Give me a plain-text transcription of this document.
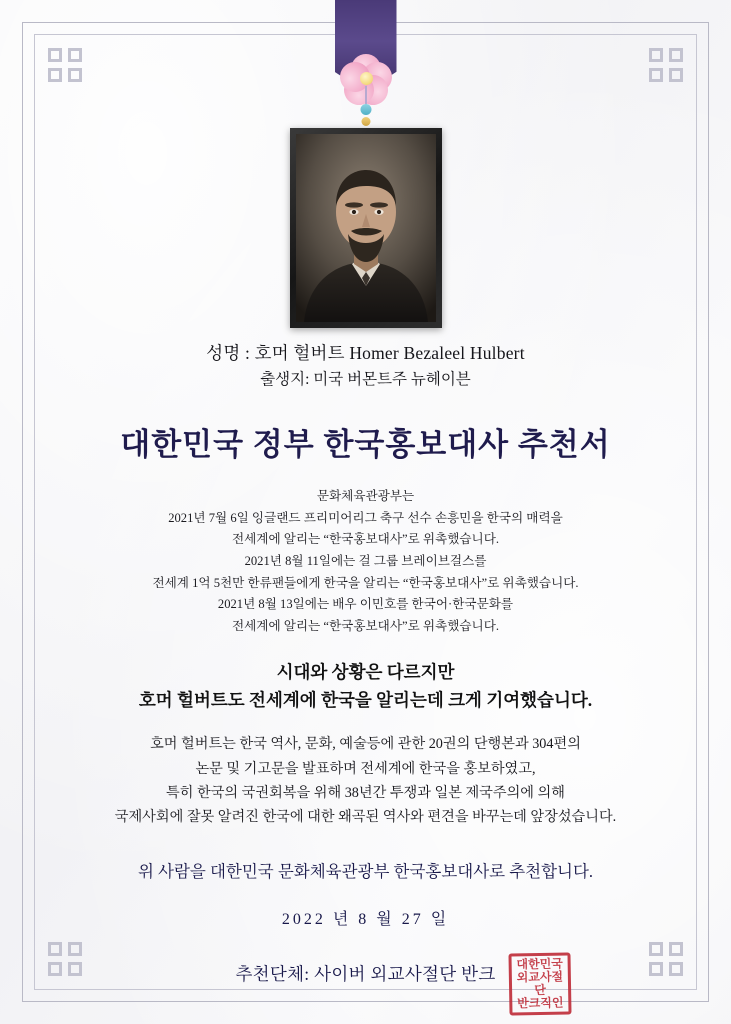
성명 : 호머 헐버트 Homer Bezaleel Hulbert
출생지: 미국 버몬트주 뉴헤이븐
대한민국 정부 한국홍보대사 추천서
문화체육관광부는
2021년 7월 6일 잉글랜드 프리미어리그 축구 선수 손흥민을 한국의 매력을
전세계에 알리는 “한국홍보대사”로 위촉했습니다.
2021년 8월 11일에는 걸 그룹 브레이브걸스를
전세계 1억 5천만 한류팬들에게 한국을 알리는 “한국홍보대사”로 위촉했습니다.
2021년 8월 13일에는 배우 이민호를 한국어·한국문화를
전세계에 알리는 “한국홍보대사”로 위촉했습니다.
시대와 상황은 다르지만
호머 헐버트도 전세계에 한국을 알리는데 크게 기여했습니다.
호머 헐버트는 한국 역사, 문화, 예술등에 관한 20권의 단행본과 304편의
논문 및 기고문을 발표하며 전세계에 한국을 홍보하였고,
특히 한국의 국권회복을 위해 38년간 투쟁과 일본 제국주의에 의해
국제사회에 잘못 알려진 한국에 대한 왜곡된 역사와 편견을 바꾸는데 앞장섰습니다.
위 사람을 대한민국 문화체육관광부 한국홍보대사로 추천합니다.
2022 년 8 월 27 일
추천단체: 사이버 외교사절단 반크	대한민국
외교사절단
반크직인
